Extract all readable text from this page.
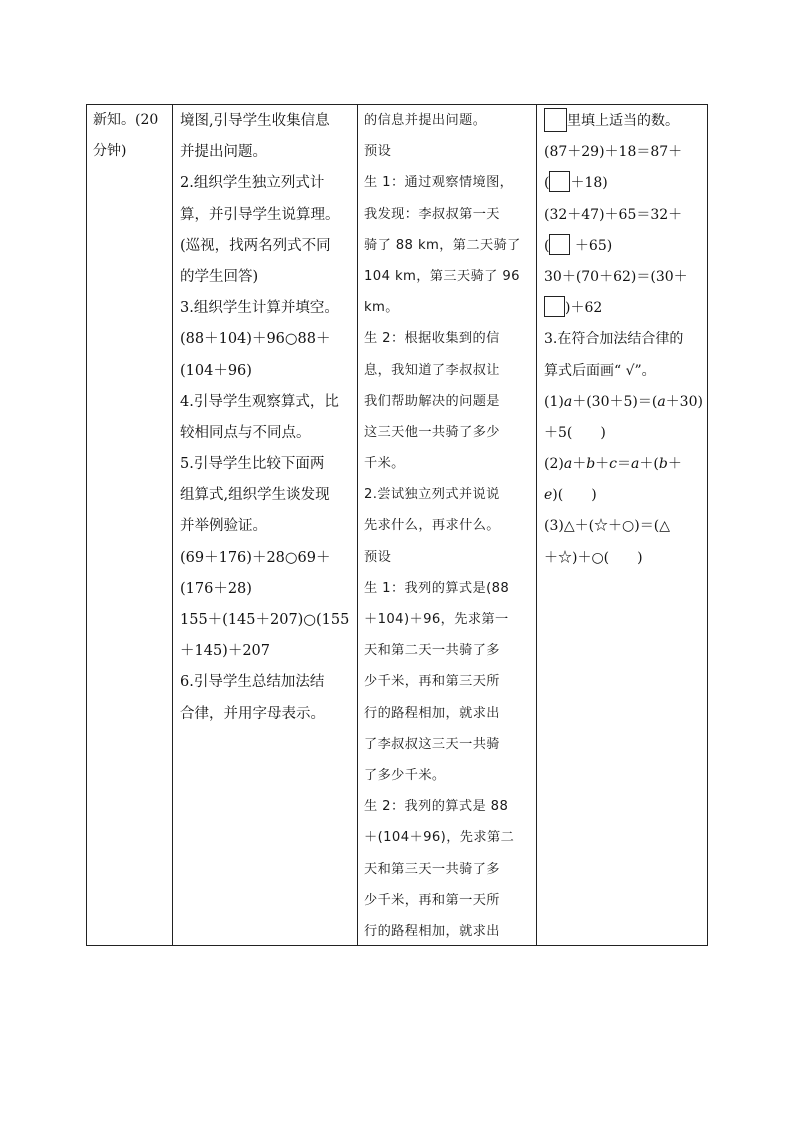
新知。(20
分钟)
境图,引导学生收集信息
并提出问题。
2.组织学生独立列式计
算，并引导学生说算理。
(巡视，找两名列式不同
的学生回答)
3.组织学生计算并填空。
(88＋104)＋96○88＋
(104＋96)
4.引导学生观察算式，比
较相同点与不同点。
5.引导学生比较下面两
组算式,组织学生谈发现
并举例验证。
(69＋176)＋28○69＋
(176＋28)
155＋(145＋207)○(155
＋145)＋207
6.引导学生总结加法结
合律，并用字母表示。
的信息并提出问题。
预设
生 1：通过观察情境图，
我发现：李叔叔第一天
骑了 88 km，第二天骑了
104 km，第三天骑了 96
km。
生 2：根据收集到的信
息，我知道了李叔叔让
我们帮助解决的问题是
这三天他一共骑了多少
千米。
2.尝试独立列式并说说
先求什么，再求什么。
预设
生 1：我列的算式是(88
＋104)＋96，先求第一
天和第二天一共骑了多
少千米，再和第三天所
行的路程相加，就求出
了李叔叔这三天一共骑
了多少千米。
生 2：我列的算式是 88
＋(104＋96)，先求第二
天和第三天一共骑了多
少千米，再和第一天所
行的路程相加，就求出
里填上适当的数。
(87＋29)＋18＝87＋
( ＋18)
(32＋47)＋65＝32＋
( ＋65)
30＋(70＋62)＝(30＋
)＋62
3.在符合加法结合律的
算式后面画“ √”。
(1)a＋(30＋5)＝(a＋30)
＋5(　　)
(2)a＋b＋c＝a＋(b＋
e)(　　)
(3)△＋(☆＋○)＝(△
＋☆)＋○(　　)
